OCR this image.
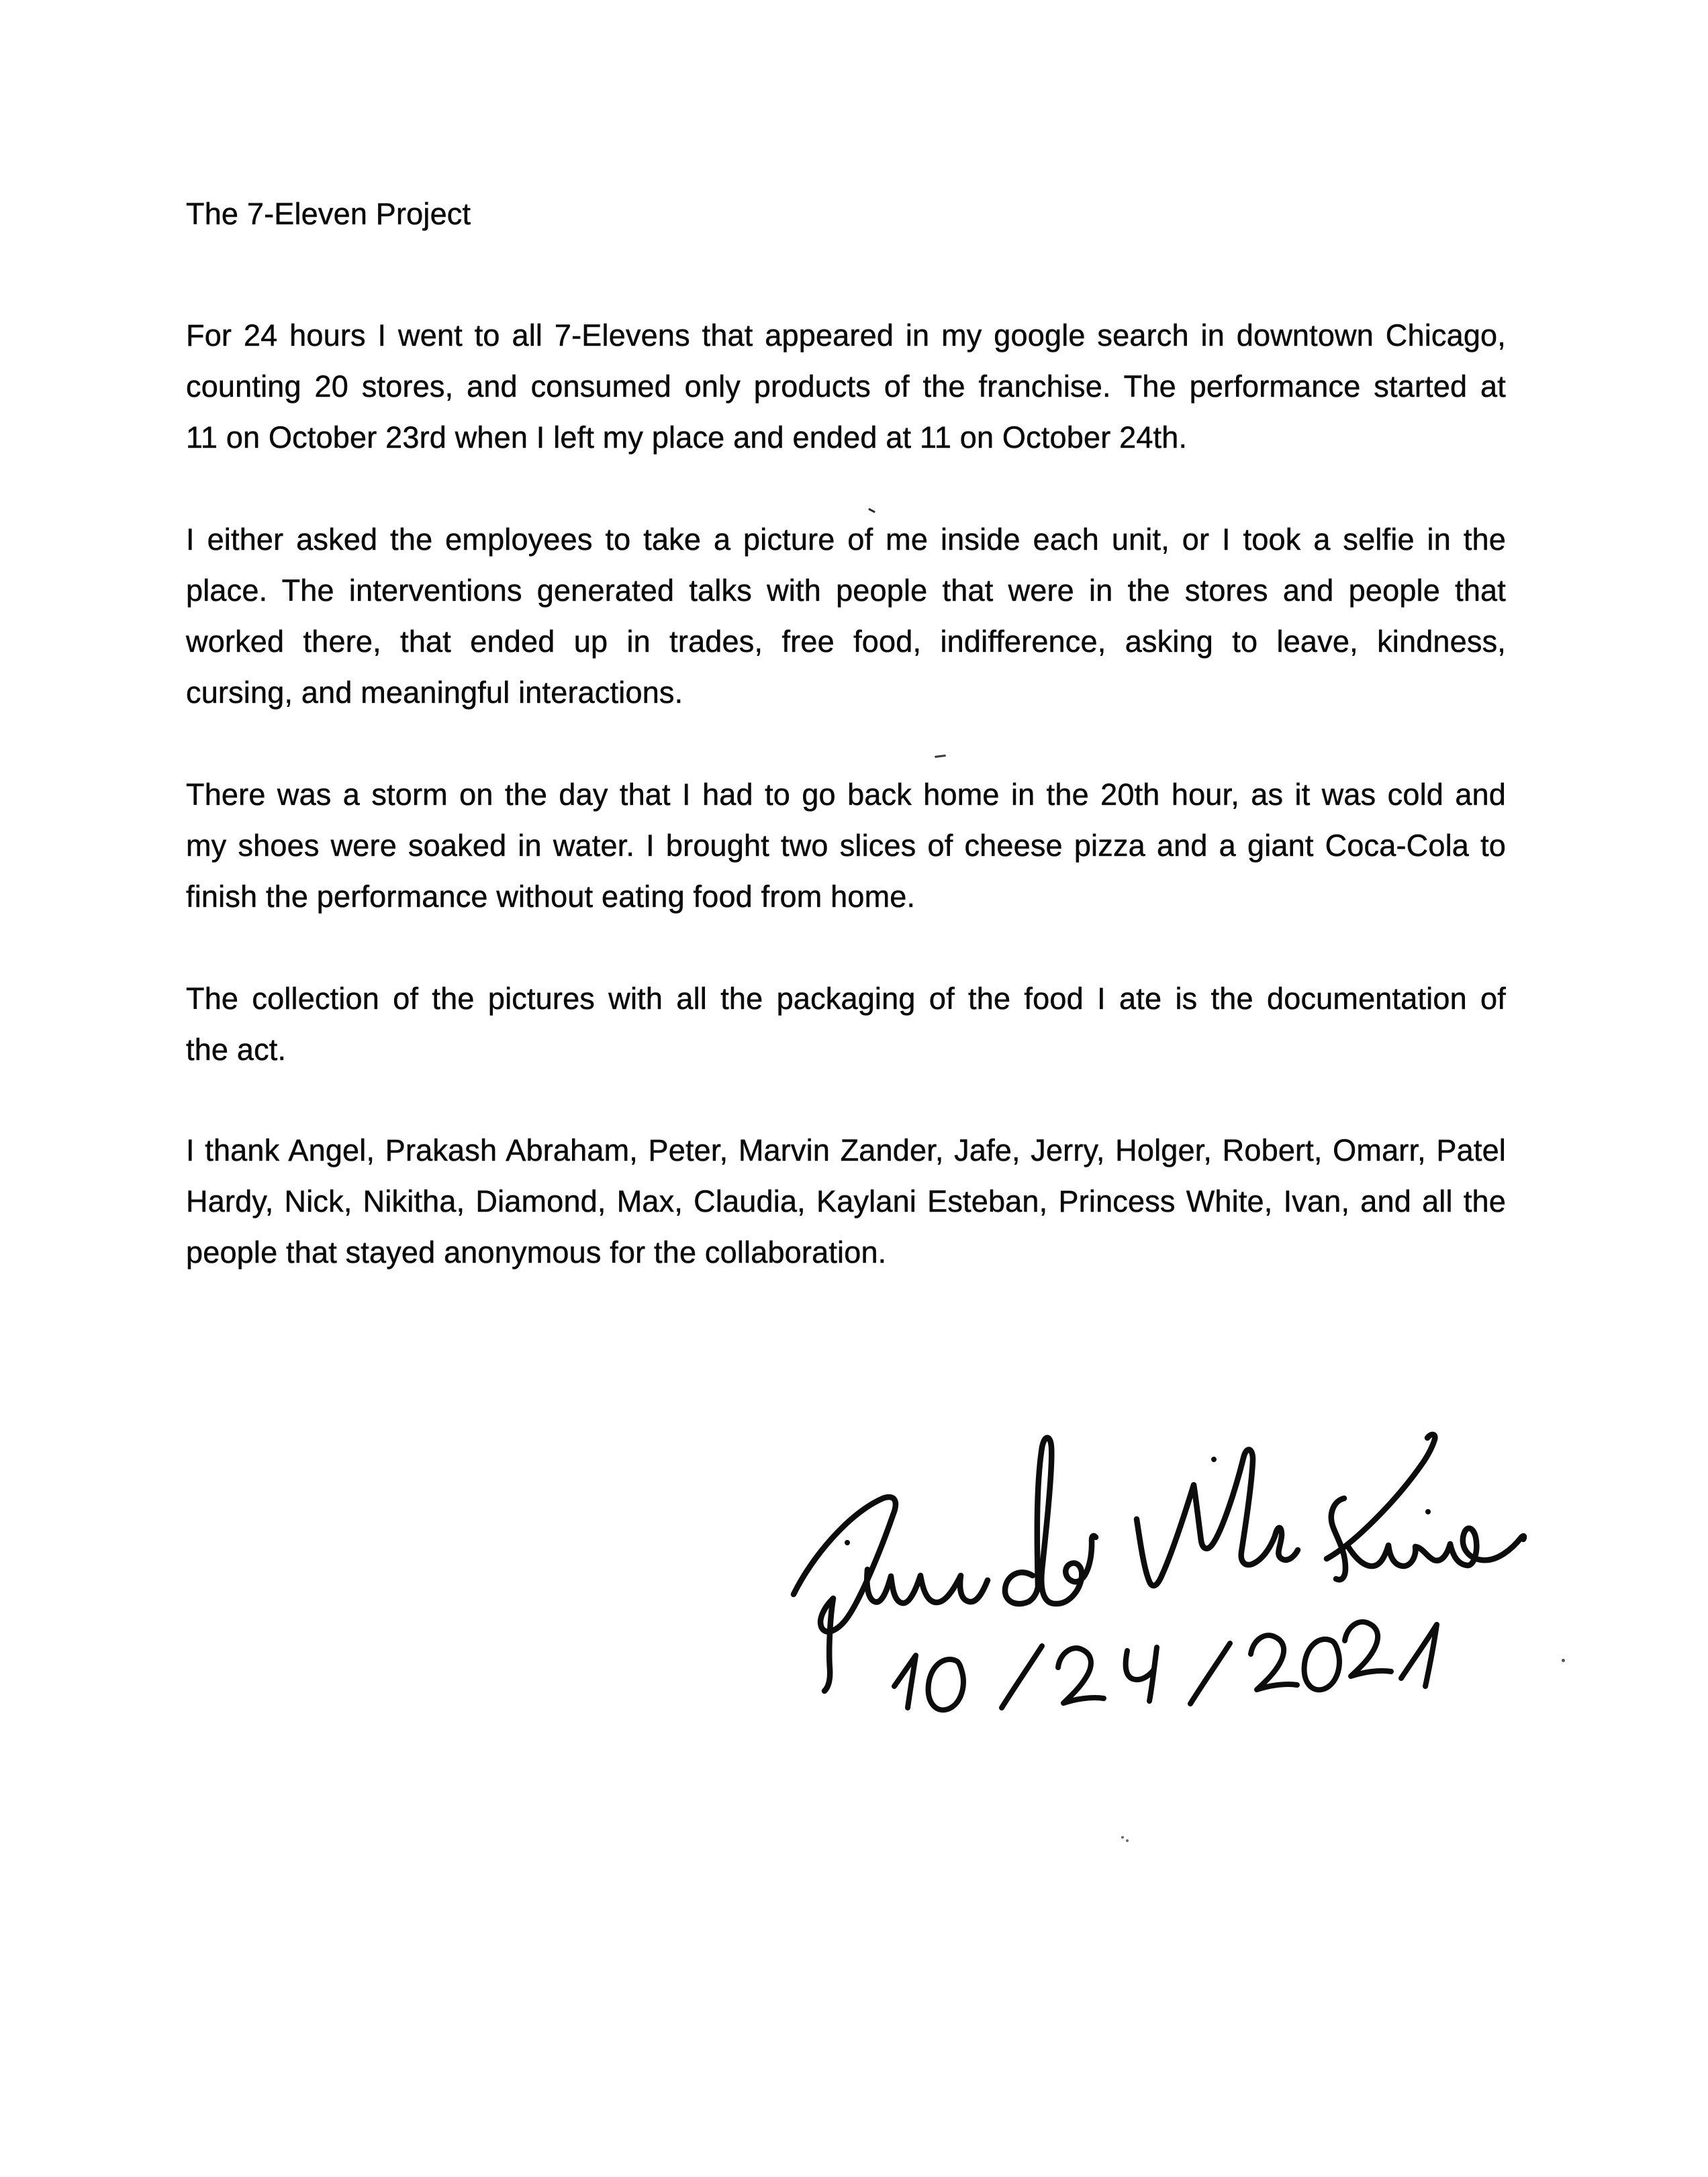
The 7-Eleven Project
For 24 hours I went to all 7-Elevens that appeared in my google search in downtown Chicago,
counting 20 stores, and consumed only products of the franchise. The performance started at
11 on October 23rd when I left my place and ended at 11 on October 24th.
I either asked the employees to take a picture of me inside each unit, or I took a selfie in the
place. The interventions generated talks with people that were in the stores and people that
worked there, that ended up in trades, free food, indifference, asking to leave, kindness,
cursing, and meaningful interactions.
There was a storm on the day that I had to go back home in the 20th hour, as it was cold and
my shoes were soaked in water. I brought two slices of cheese pizza and a giant Coca-Cola to
finish the performance without eating food from home.
The collection of the pictures with all the packaging of the food I ate is the documentation of
the act.
I thank Angel, Prakash Abraham, Peter, Marvin Zander, Jafe, Jerry, Holger, Robert, Omarr, Patel
Hardy, Nick, Nikitha, Diamond, Max, Claudia, Kaylani Esteban, Princess White, Ivan, and all the
people that stayed anonymous for the collaboration.
